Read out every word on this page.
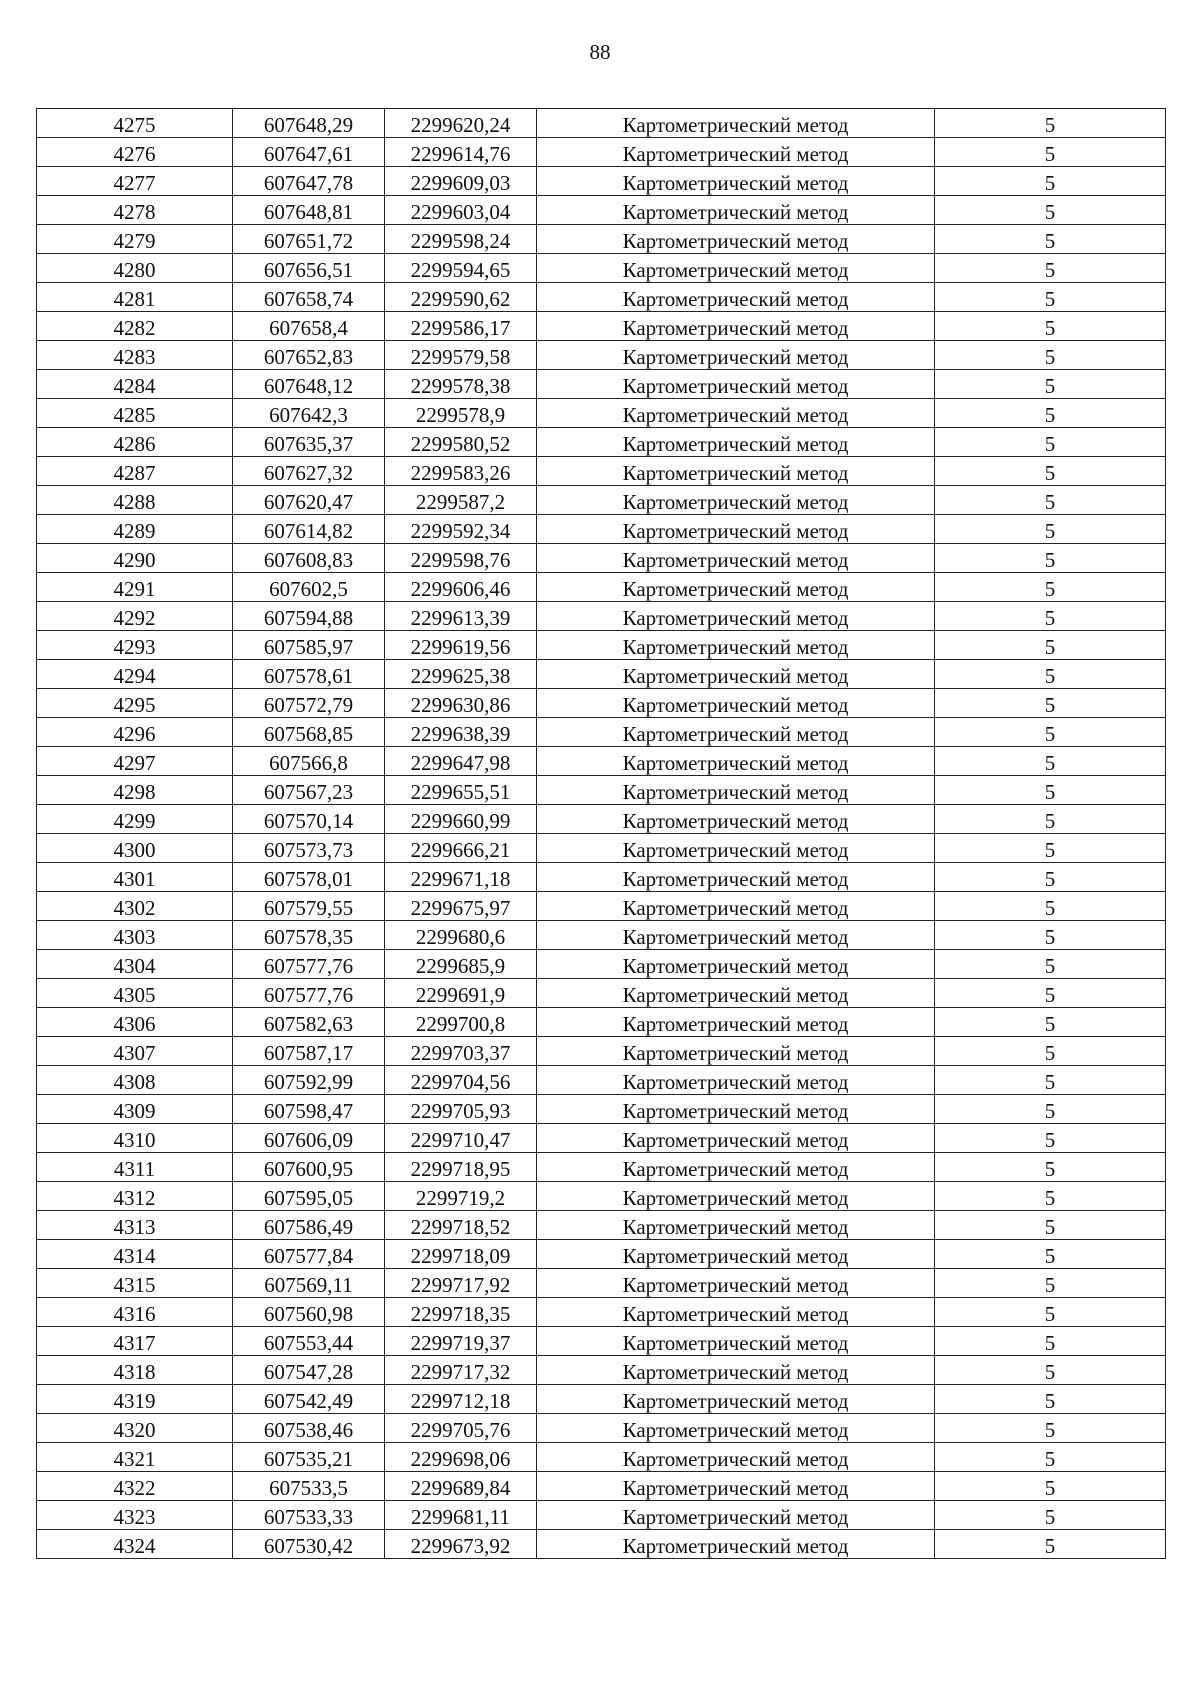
88
4275	607648,29	2299620,24	Картометрический метод	5
4276	607647,61	2299614,76	Картометрический метод	5
4277	607647,78	2299609,03	Картометрический метод	5
4278	607648,81	2299603,04	Картометрический метод	5
4279	607651,72	2299598,24	Картометрический метод	5
4280	607656,51	2299594,65	Картометрический метод	5
4281	607658,74	2299590,62	Картометрический метод	5
4282	607658,4	2299586,17	Картометрический метод	5
4283	607652,83	2299579,58	Картометрический метод	5
4284	607648,12	2299578,38	Картометрический метод	5
4285	607642,3	2299578,9	Картометрический метод	5
4286	607635,37	2299580,52	Картометрический метод	5
4287	607627,32	2299583,26	Картометрический метод	5
4288	607620,47	2299587,2	Картометрический метод	5
4289	607614,82	2299592,34	Картометрический метод	5
4290	607608,83	2299598,76	Картометрический метод	5
4291	607602,5	2299606,46	Картометрический метод	5
4292	607594,88	2299613,39	Картометрический метод	5
4293	607585,97	2299619,56	Картометрический метод	5
4294	607578,61	2299625,38	Картометрический метод	5
4295	607572,79	2299630,86	Картометрический метод	5
4296	607568,85	2299638,39	Картометрический метод	5
4297	607566,8	2299647,98	Картометрический метод	5
4298	607567,23	2299655,51	Картометрический метод	5
4299	607570,14	2299660,99	Картометрический метод	5
4300	607573,73	2299666,21	Картометрический метод	5
4301	607578,01	2299671,18	Картометрический метод	5
4302	607579,55	2299675,97	Картометрический метод	5
4303	607578,35	2299680,6	Картометрический метод	5
4304	607577,76	2299685,9	Картометрический метод	5
4305	607577,76	2299691,9	Картометрический метод	5
4306	607582,63	2299700,8	Картометрический метод	5
4307	607587,17	2299703,37	Картометрический метод	5
4308	607592,99	2299704,56	Картометрический метод	5
4309	607598,47	2299705,93	Картометрический метод	5
4310	607606,09	2299710,47	Картометрический метод	5
4311	607600,95	2299718,95	Картометрический метод	5
4312	607595,05	2299719,2	Картометрический метод	5
4313	607586,49	2299718,52	Картометрический метод	5
4314	607577,84	2299718,09	Картометрический метод	5
4315	607569,11	2299717,92	Картометрический метод	5
4316	607560,98	2299718,35	Картометрический метод	5
4317	607553,44	2299719,37	Картометрический метод	5
4318	607547,28	2299717,32	Картометрический метод	5
4319	607542,49	2299712,18	Картометрический метод	5
4320	607538,46	2299705,76	Картометрический метод	5
4321	607535,21	2299698,06	Картометрический метод	5
4322	607533,5	2299689,84	Картометрический метод	5
4323	607533,33	2299681,11	Картометрический метод	5
4324	607530,42	2299673,92	Картометрический метод	5
